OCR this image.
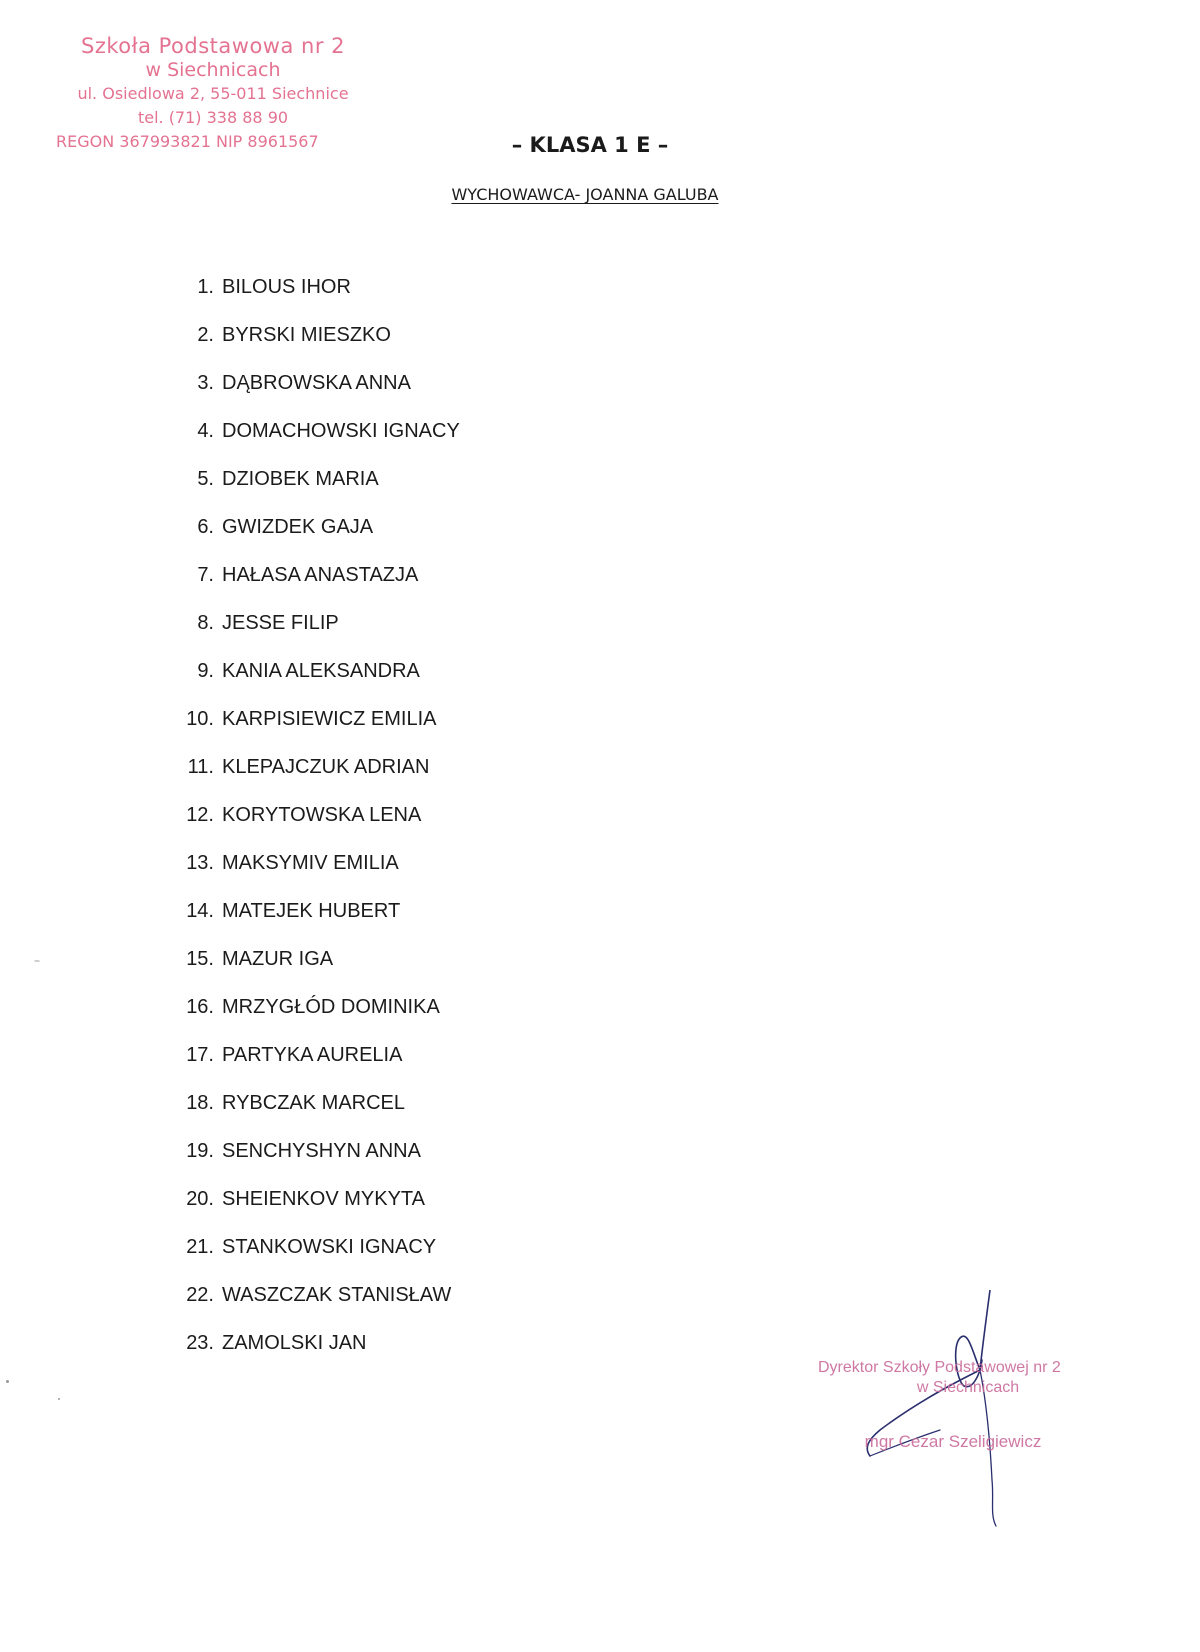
Szkoła Podstawowa nr 2
w Siechnicach
ul. Osiedlowa 2, 55-011 Siechnice
tel. (71) 338 88 90
REGON 367993821 NIP 8961567	– KLASA 1 E –
WYCHOWAWCA- JOANNA GALUBA
1. BILOUS IHOR
2. BYRSKI MIESZKO
3. DĄBROWSKA ANNA
4. DOMACHOWSKI IGNACY
5. DZIOBEK MARIA
6. GWIZDEK GAJA
7. HAŁASA ANASTAZJA
8. JESSE FILIP
9. KANIA ALEKSANDRA
10. KARPISIEWICZ EMILIA
11. KLEPAJCZUK ADRIAN
12. KORYTOWSKA LENA
13. MAKSYMIV EMILIA
14. MATEJEK HUBERT
15. MAZUR IGA
16. MRZYGŁÓD DOMINIKA
17. PARTYKA AURELIA
18. RYBCZAK MARCEL
19. SENCHYSHYN ANNA
20. SHEIENKOV MYKYTA
21. STANKOWSKI IGNACY
22. WASZCZAK STANISŁAW
23. ZAMOLSKI JAN
Dyrektor Szkoły Podstawowej nr 2
w Siechnicach
mgr Cezar Szeligiewicz
